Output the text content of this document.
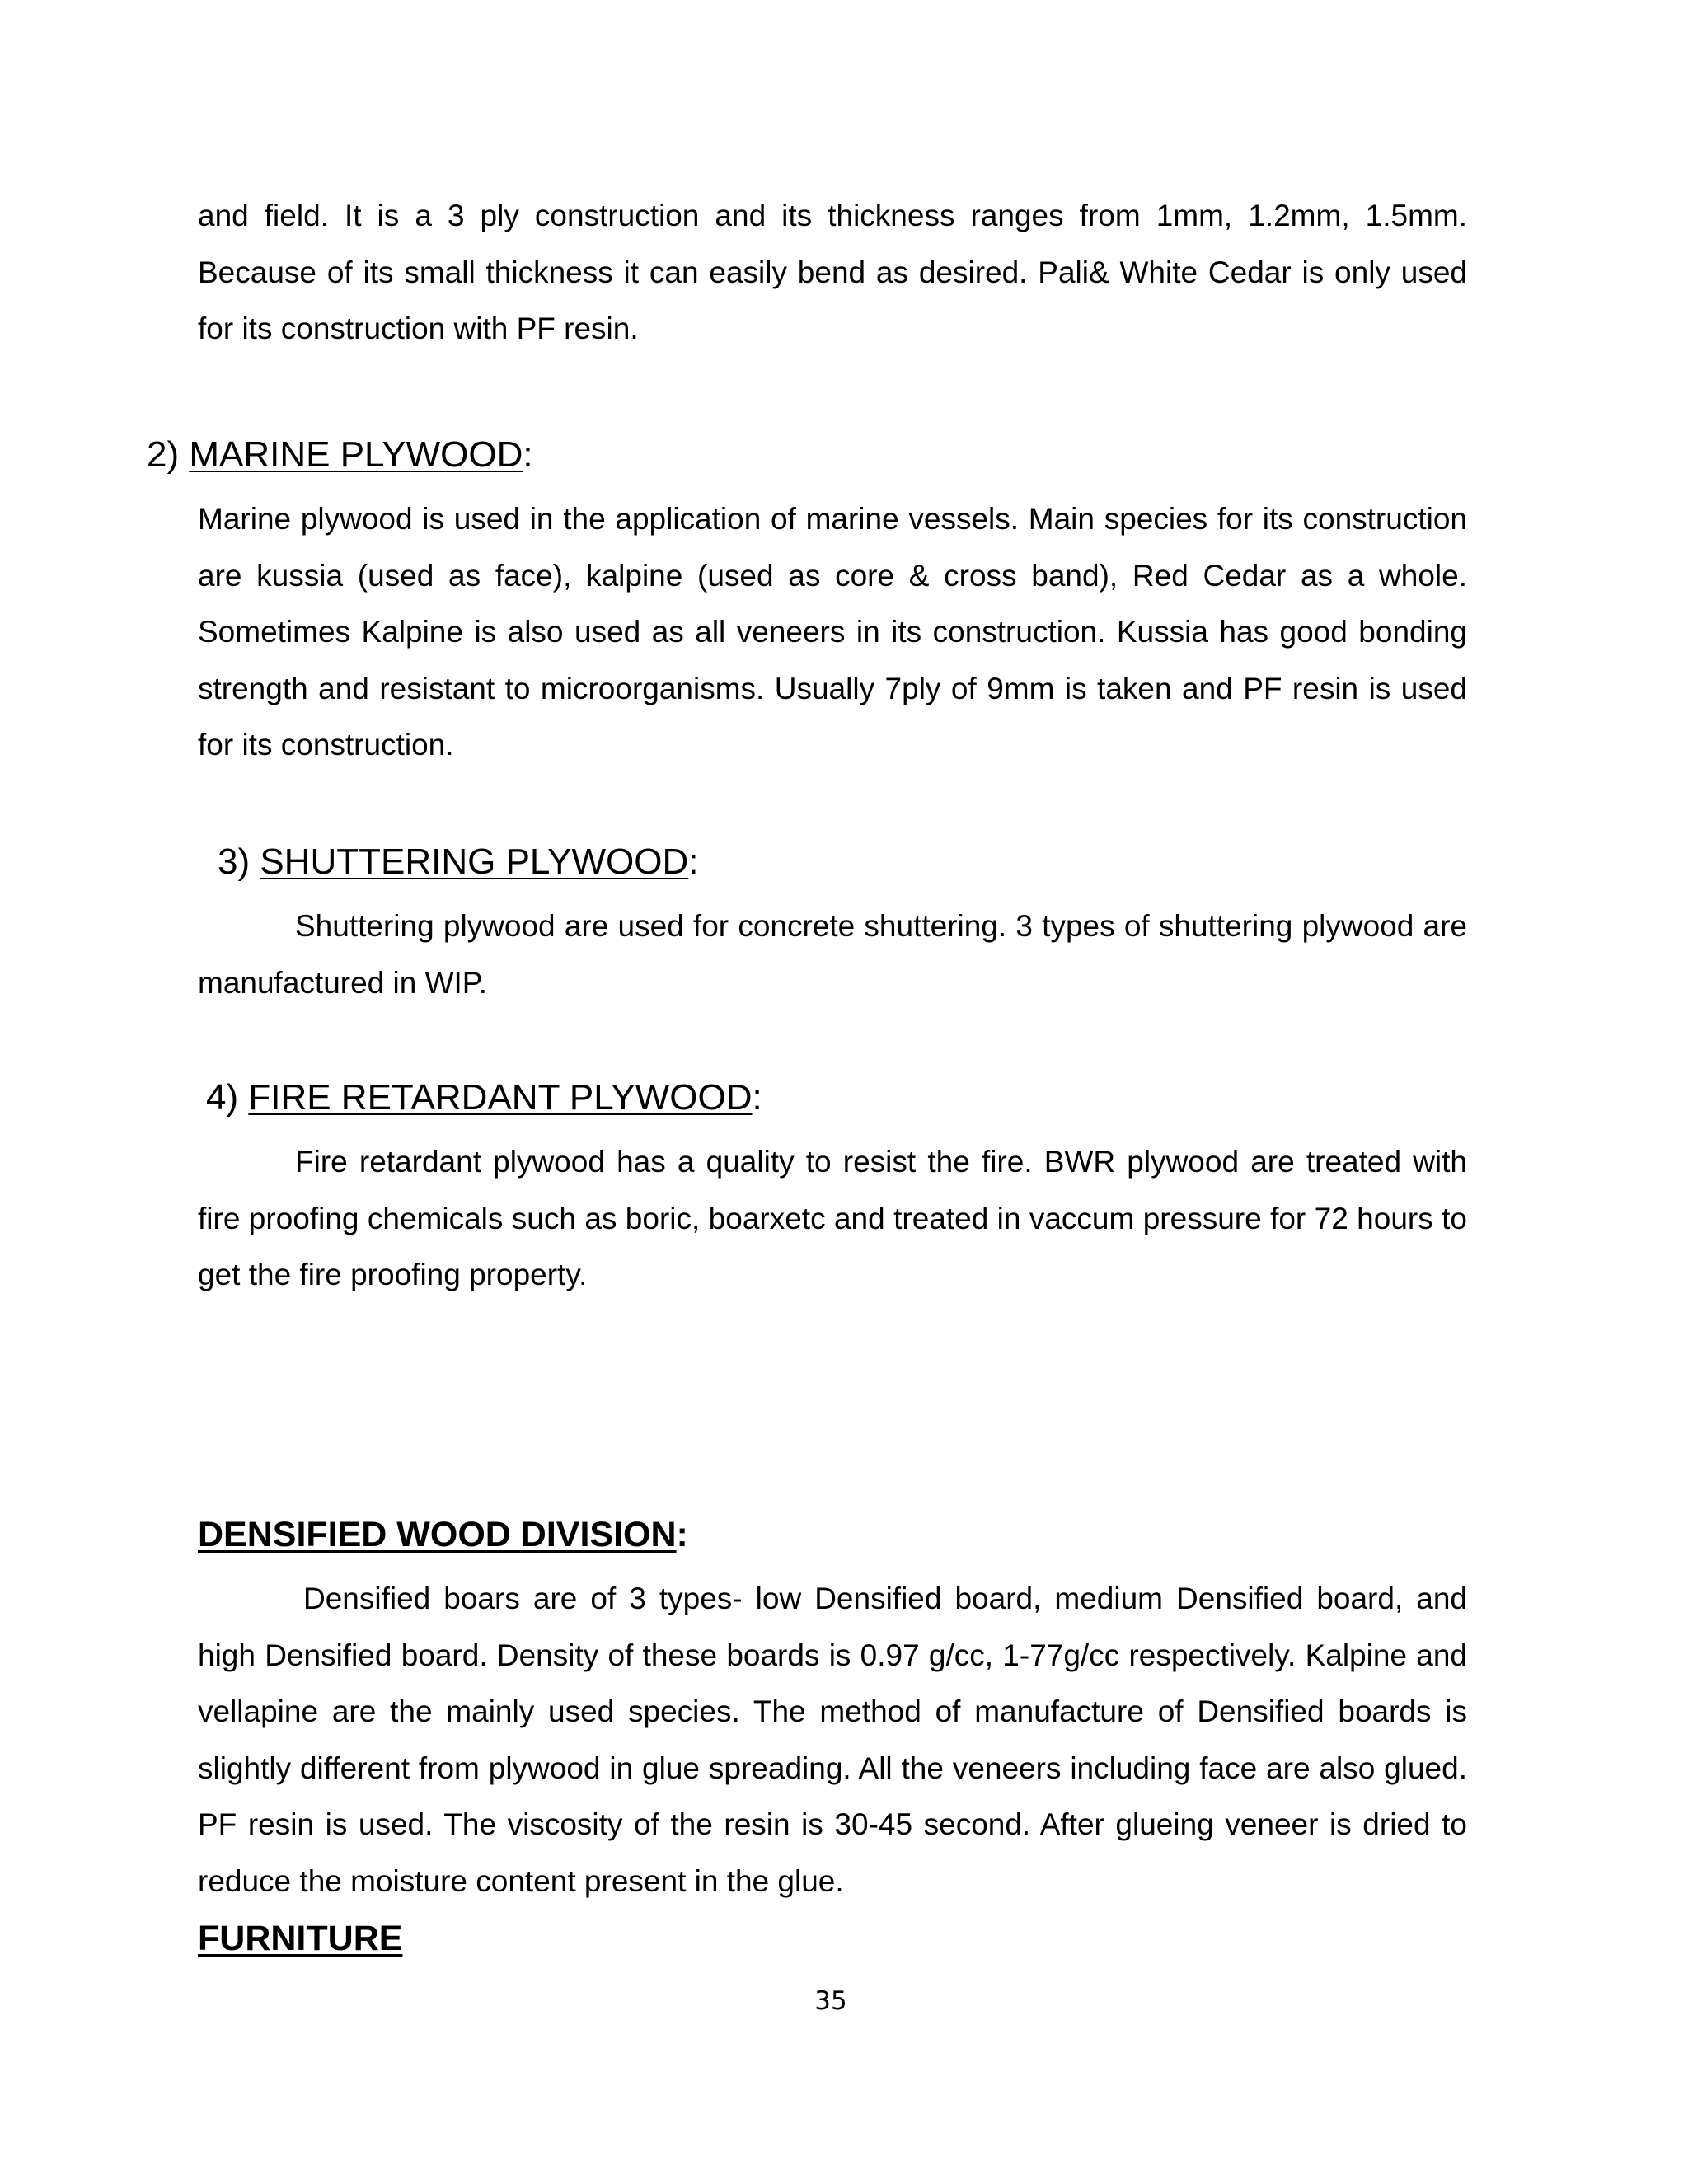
and field. It is a 3 ply construction and its thickness ranges from 1mm, 1.2mm, 1.5mm. Because of its small thickness it can easily bend as desired. Pali& White Cedar is only used for its construction with PF resin.

2) MARINE PLYWOOD:

Marine plywood is used in the application of marine vessels. Main species for its construction are kussia (used as face), kalpine (used as core & cross band), Red Cedar as a whole. Sometimes Kalpine is also used as all veneers in its construction. Kussia has good bonding strength and resistant to microorganisms. Usually 7ply of 9mm is taken and PF resin is used for its construction.

3) SHUTTERING PLYWOOD:

Shuttering plywood are used for concrete shuttering. 3 types of shuttering plywood are manufactured in WIP.

4) FIRE RETARDANT PLYWOOD:

Fire retardant plywood has a quality to resist the fire. BWR plywood are treated with fire proofing chemicals such as boric, boarxetc and treated in vaccum pressure for 72 hours to get the fire proofing property.

DENSIFIED WOOD DIVISION:

Densified boars are of 3 types- low Densified board, medium Densified board, and high Densified board. Density of these boards is 0.97 g/cc, 1-77g/cc respectively. Kalpine and vellapine are the mainly used species. The method of manufacture of Densified boards is slightly different from plywood in glue spreading. All the veneers including face are also glued. PF resin is used. The viscosity of the resin is 30-45 second. After glueing veneer is dried to reduce the moisture content present in the glue.

FURNITURE
35
